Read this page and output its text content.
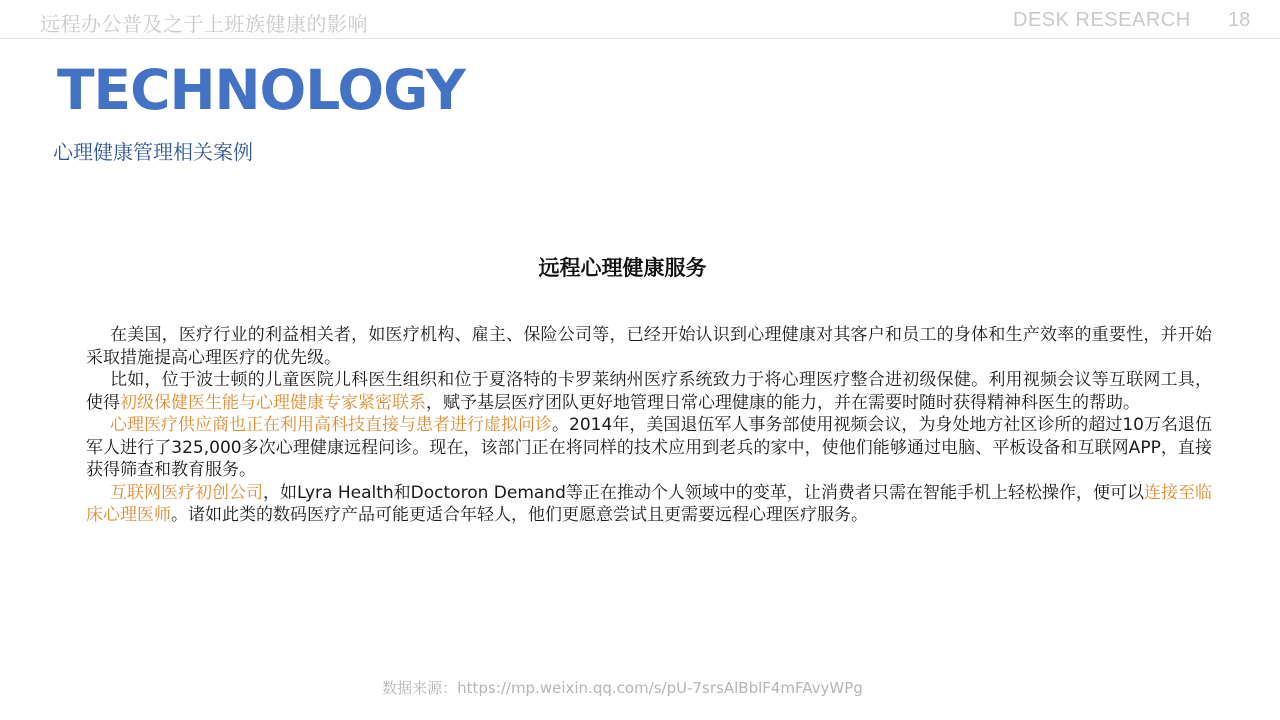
远程办公普及之于上班族健康的影响	DESK RESEARCH 18
TECHNOLOGY
心理健康管理相关案例
远程心理健康服务

在美国，医疗行业的利益相关者，如医疗机构、雇主、保险公司等，已经开始认识到心理健康对其客户和员工的身体和生产效率的重要性，并开始采取措施提高心理医疗的优先级。

比如，位于波士顿的儿童医院儿科医生组织和位于夏洛特的卡罗莱纳州医疗系统致力于将心理医疗整合进初级保健。利用视频会议等互联网工具，使得初级保健医生能与心理健康专家紧密联系，赋予基层医疗团队更好地管理日常心理健康的能力，并在需要时随时获得精神科医生的帮助。

心理医疗供应商也正在利用高科技直接与患者进行虚拟问诊。2014年，美国退伍军人事务部使用视频会议，为身处地方社区诊所的超过10万名退伍军人进行了325,000多次心理健康远程问诊。现在，该部门正在将同样的技术应用到老兵的家中，使他们能够通过电脑、平板设备和互联网APP，直接获得筛查和教育服务。

互联网医疗初创公司，如Lyra Health和Doctoron Demand等正在推动个人领域中的变革，让消费者只需在智能手机上轻松操作，便可以连接至临床心理医师。诸如此类的数码医疗产品可能更适合年轻人，他们更愿意尝试且更需要远程心理医疗服务。

数据来源：https://mp.weixin.qq.com/s/pU-7srsAlBblF4mFAvyWPg
